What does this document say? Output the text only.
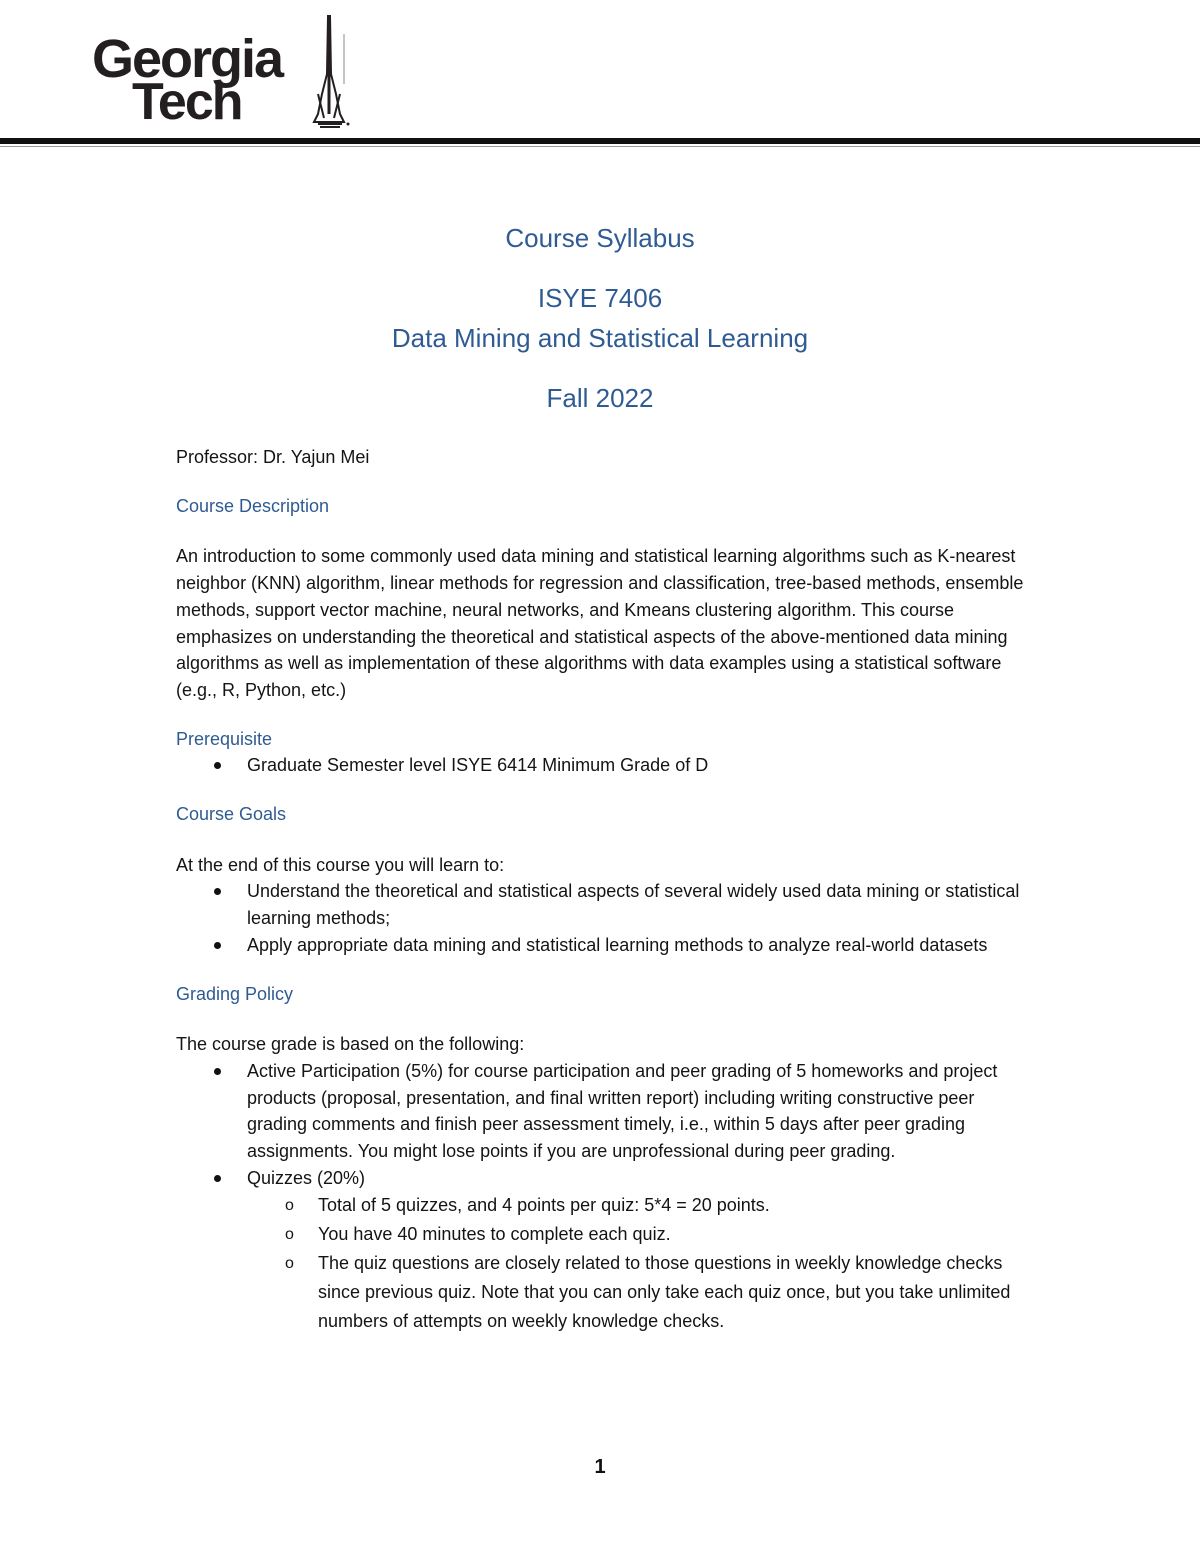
Georgia
Tech

Course Syllabus

ISYE 7406

Data Mining and Statistical Learning

Fall 2022

Professor: Dr. Yajun Mei

Course Description

An introduction to some commonly used data mining and statistical learning algorithms such as K-nearest neighbor (KNN) algorithm, linear methods for regression and classification, tree-based methods, ensemble methods, support vector machine, neural networks, and Kmeans clustering algorithm. This course emphasizes on understanding the theoretical and statistical aspects of the above-mentioned data mining algorithms as well as implementation of these algorithms with data examples using a statistical software (e.g., R, Python, etc.)

Prerequisite

Graduate Semester level ISYE 6414 Minimum Grade of D

Course Goals

At the end of this course you will learn to:

Understand the theoretical and statistical aspects of several widely used data mining or statistical learning methods;
Apply appropriate data mining and statistical learning methods to analyze real-world datasets

Grading Policy

The course grade is based on the following:

Active Participation (5%) for course participation and peer grading of 5 homeworks and project products (proposal, presentation, and final written report) including writing constructive peer grading comments and finish peer assessment timely, i.e., within 5 days after peer grading assignments. You might lose points if you are unprofessional during peer grading.
Quizzes (20%)
o Total of 5 quizzes, and 4 points per quiz: 5*4 = 20 points.
o You have 40 minutes to complete each quiz.
o The quiz questions are closely related to those questions in weekly knowledge checks since previous quiz. Note that you can only take each quiz once, but you take unlimited numbers of attempts on weekly knowledge checks.
1
